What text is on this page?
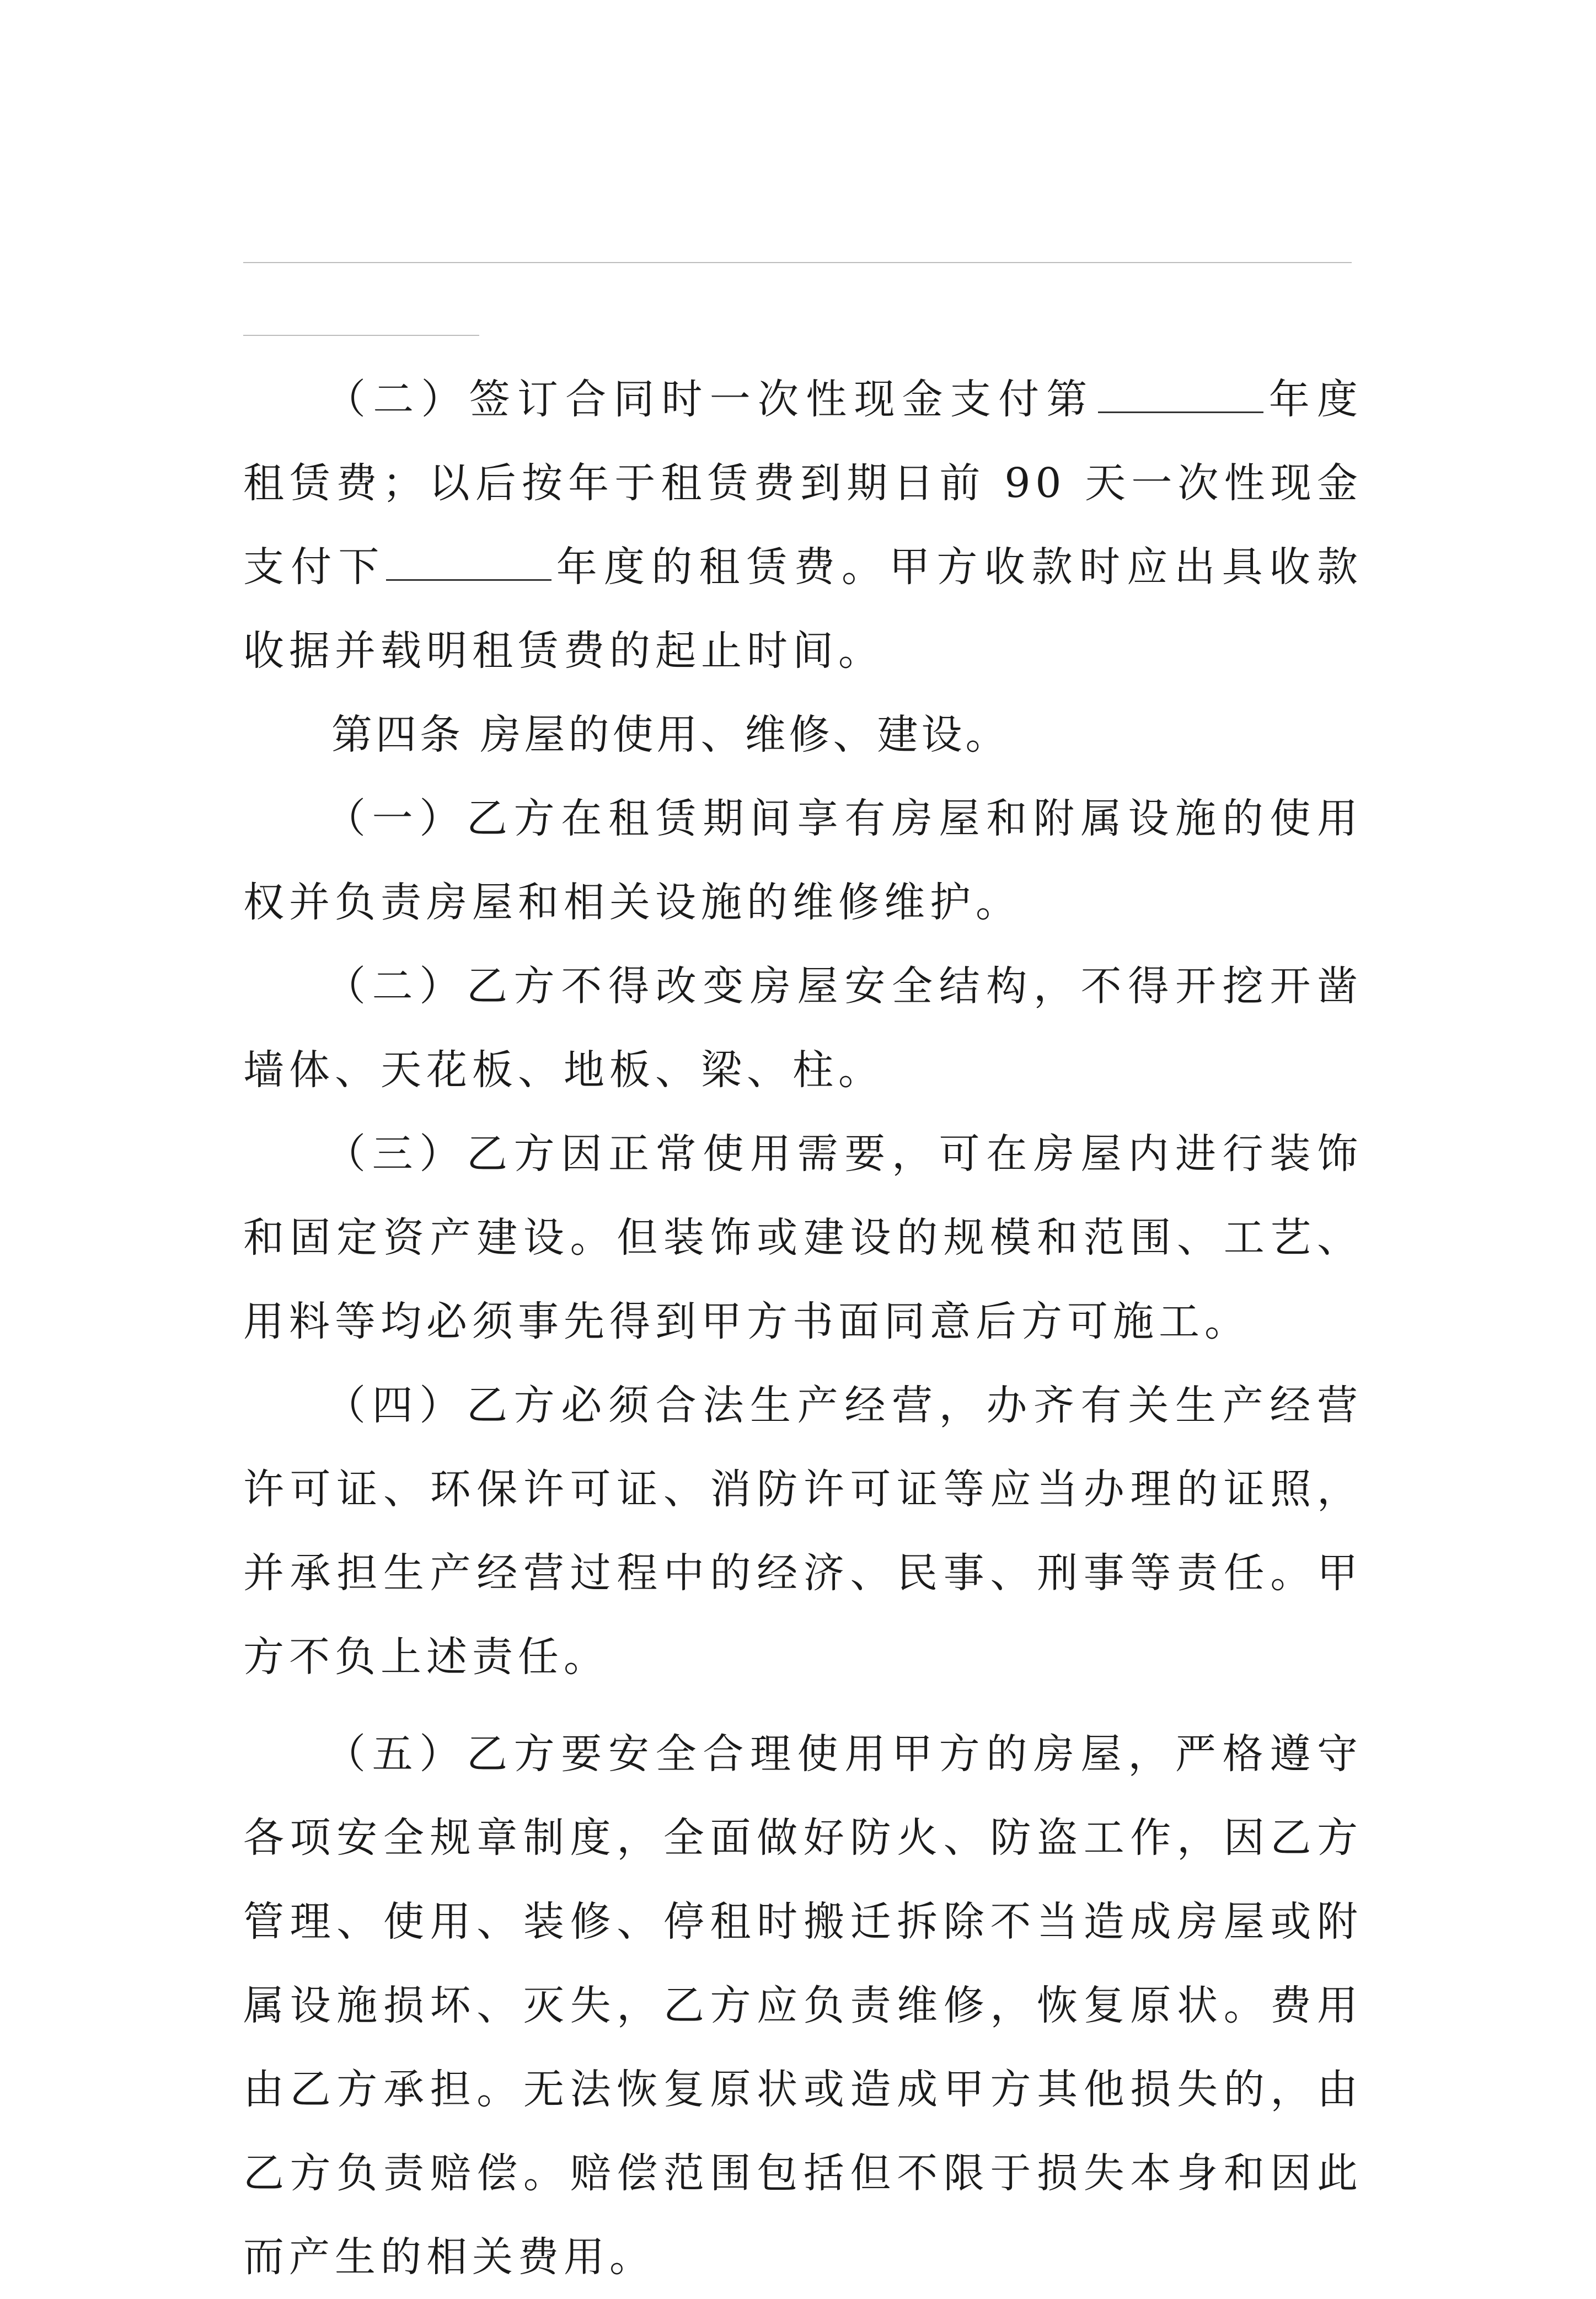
（二）签订合同时一次性现金支付第	年度租赁费；以后按年于租赁费到期日前 90 天一次性现金支付下	年度的租赁费。甲方收款时应出具收款收据并载明租赁费的起止时间。

第四条 房屋的使用、维修、建设。

（一）乙方在租赁期间享有房屋和附属设施的使用权并负责房屋和相关设施的维修维护。

（二）乙方不得改变房屋安全结构，不得开挖开凿墙体、天花板、地板、梁、柱。

（三）乙方因正常使用需要，可在房屋内进行装饰和固定资产建设。但装饰或建设的规模和范围、工艺、用料等均必须事先得到甲方书面同意后方可施工。

（四）乙方必须合法生产经营，办齐有关生产经营许可证、环保许可证、消防许可证等应当办理的证照，并承担生产经营过程中的经济、民事、刑事等责任。甲方不负上述责任。

（五）乙方要安全合理使用甲方的房屋，严格遵守各项安全规章制度，全面做好防火、防盗工作，因乙方管理、使用、装修、停租时搬迁拆除不当造成房屋或附属设施损坏、灭失，乙方应负责维修，恢复原状。费用由乙方承担。无法恢复原状或造成甲方其他损失的，由乙方负责赔偿。赔偿范围包括但不限于损失本身和因此而产生的相关费用。
